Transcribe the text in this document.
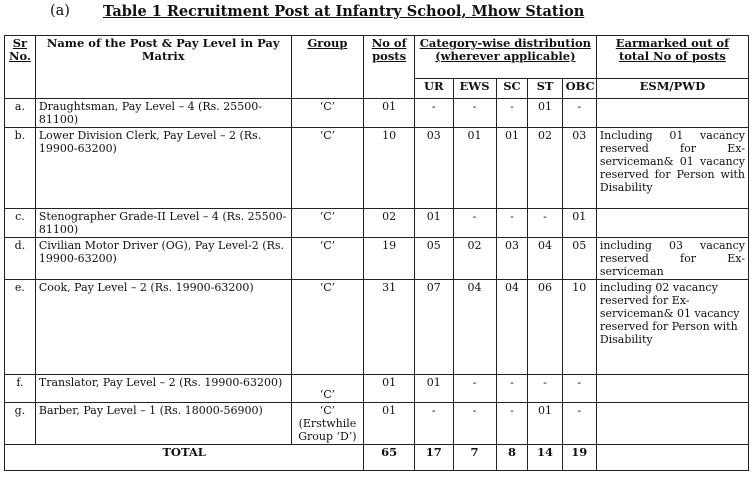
(a) Table 1 Recruitment Post at Infantry School, Mhow Station
Sr No.	Name of the Post & Pay Level in Pay Matrix	Group	No of posts	Category-wise distribution (wherever applicable)					Earmarked out of total No of posts
				UR	EWS	SC	ST	OBC	ESM/PWD
a.	Draughtsman, Pay Level – 4 (Rs. 25500-81100)	‘C’	01	-	-	-	01	-	
b.	Lower Division Clerk, Pay Level – 2 (Rs. 19900-63200)	‘C’	10	03	01	01	02	03	Including 01 vacancy reserved for Ex-serviceman& 01 vacancy reserved for Person with Disability
c.	Stenographer Grade-II Level – 4 (Rs. 25500-81100)	‘C’	02	01	-	-	-	01	
d.	Civilian Motor Driver (OG), Pay Level-2 (Rs. 19900-63200)	‘C’	19	05	02	03	04	05	including 03 vacancy reserved for Ex-serviceman
e.	Cook, Pay Level – 2 (Rs. 19900-63200)	‘C’	31	07	04	04	06	10	including 02 vacancy reserved for Ex-serviceman& 01 vacancy reserved for Person with Disability
f.	Translator, Pay Level – 2 (Rs. 19900-63200)	‘C’	01	01	-	-	-	-	
g.	Barber, Pay Level – 1 (Rs. 18000-56900)	‘C’ (Erstwhile Group ‘D’)	01	-	-	-	01	-	
TOTAL			65	17	7	8	14	19	
